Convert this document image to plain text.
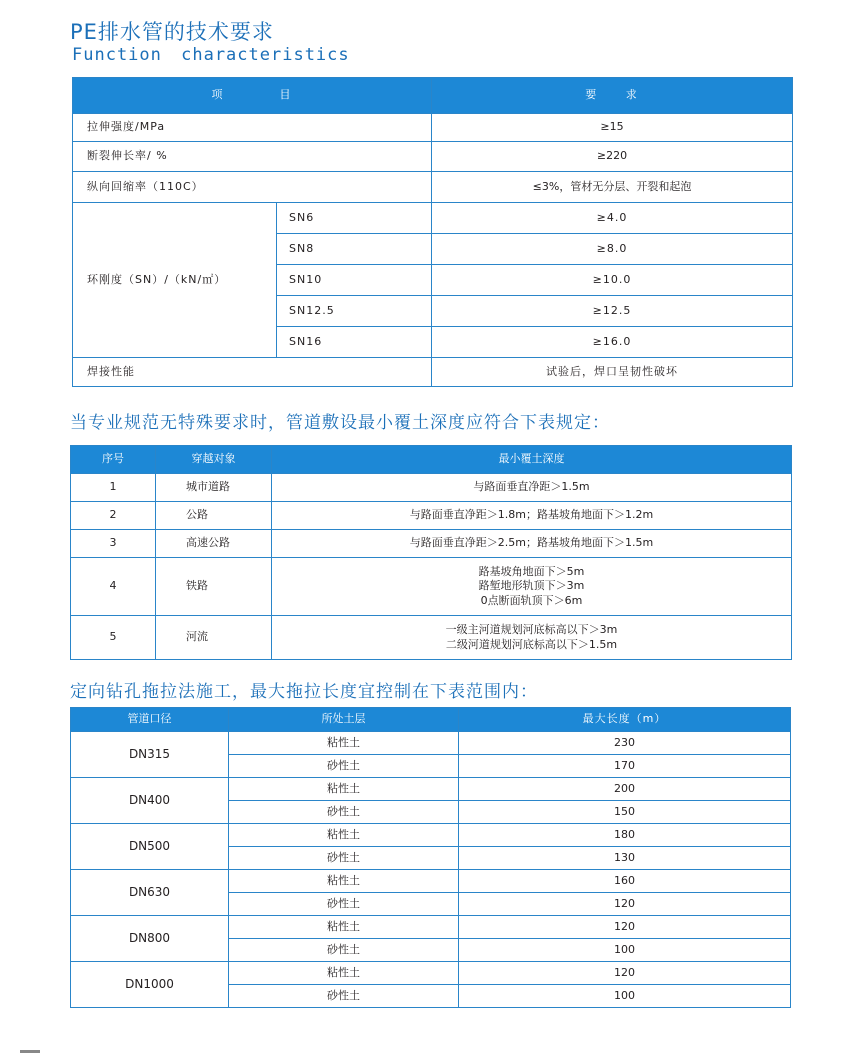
PE排水管的技术要求
Function characteristics
项          目		要     求
拉伸强度/MPa		≥15
断裂伸长率/ %		≥220
纵向回缩率（110C）		≤3%，管材无分层、开裂和起泡
环刚度（SN）/（kN/㎡）	SN6	≥4.0
	SN8	≥8.0
	SN10	≥10.0
	SN12.5	≥12.5
	SN16	≥16.0
焊接性能		试验后，焊口呈韧性破坏
当专业规范无特殊要求时，管道敷设最小覆土深度应符合下表规定：
序号	穿越对象	最小覆土深度
1	城市道路	与路面垂直净距＞1.5m

2	公路	与路面垂直净距＞1.8m；路基坡角地面下＞1.2m

3	高速公路	与路面垂直净距＞2.5m；路基坡角地面下＞1.5m

4	铁路	路基坡角地面下＞5m
路堑地形轨顶下＞3m
0点断面轨顶下＞6m

5	河流	一级主河道规划河底标高以下＞3m
二级河道规划河底标高以下＞1.5m
定向钻孔拖拉法施工，最大拖拉长度宜控制在下表范围内：
管道口径	所处土层	最大长度（m）
DN315	粘性土	230
	砂性土	170
DN400	粘性土	200
	砂性土	150
DN500	粘性土	180
	砂性土	130
DN630	粘性土	160
	砂性土	120
DN800	粘性土	120
	砂性土	100
DN1000	粘性土	120
	砂性土	100
